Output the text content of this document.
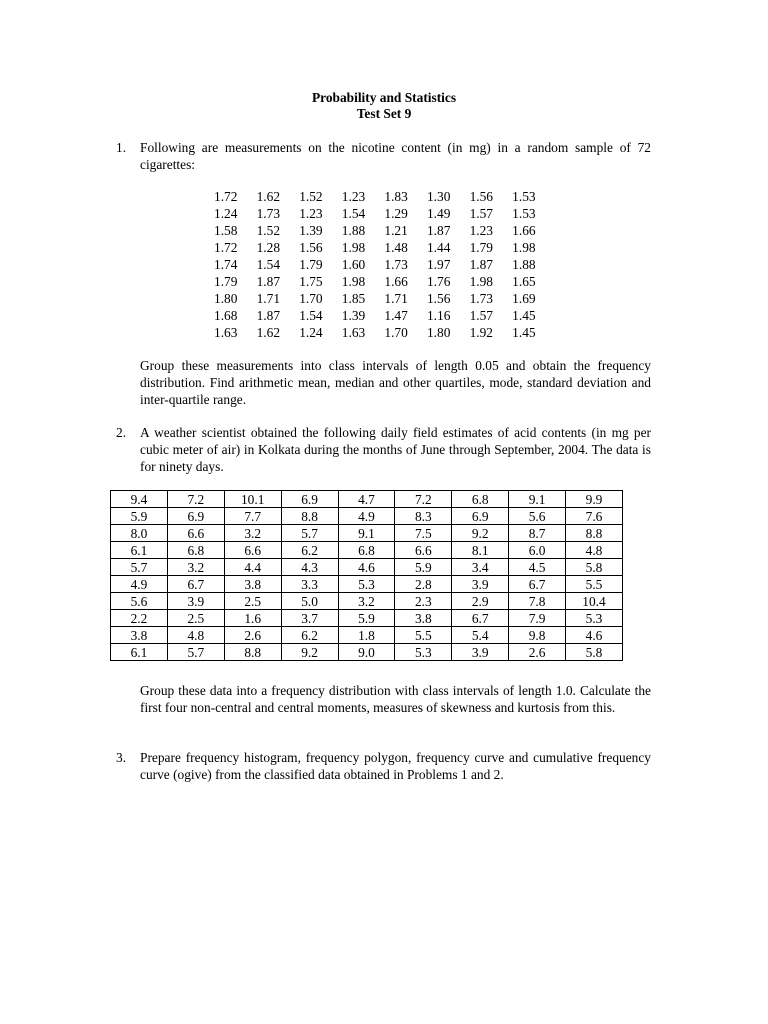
Probability and Statistics
Test Set 9
1.	Following are measurements on the nicotine content (in mg) in a random sample of 72 cigarettes:

1.72	1.62	1.52	1.23	1.83	1.30	1.56	1.53
1.24	1.73	1.23	1.54	1.29	1.49	1.57	1.53
1.58	1.52	1.39	1.88	1.21	1.87	1.23	1.66
1.72	1.28	1.56	1.98	1.48	1.44	1.79	1.98
1.74	1.54	1.79	1.60	1.73	1.97	1.87	1.88
1.79	1.87	1.75	1.98	1.66	1.76	1.98	1.65
1.80	1.71	1.70	1.85	1.71	1.56	1.73	1.69
1.68	1.87	1.54	1.39	1.47	1.16	1.57	1.45
1.63	1.62	1.24	1.63	1.70	1.80	1.92	1.45

Group these measurements into class intervals of length 0.05 and obtain the frequency distribution. Find arithmetic mean, median and other quartiles, mode, standard deviation and inter-quartile range.

2.	A weather scientist obtained the following daily field estimates of acid contents (in mg per cubic meter of air) in Kolkata during the months of June through September, 2004. The data is for ninety days.

9.4	7.2	10.1	6.9	4.7	7.2	6.8	9.1	9.9
5.9	6.9	7.7	8.8	4.9	8.3	6.9	5.6	7.6
8.0	6.6	3.2	5.7	9.1	7.5	9.2	8.7	8.8
6.1	6.8	6.6	6.2	6.8	6.6	8.1	6.0	4.8
5.7	3.2	4.4	4.3	4.6	5.9	3.4	4.5	5.8
4.9	6.7	3.8	3.3	5.3	2.8	3.9	6.7	5.5
5.6	3.9	2.5	5.0	3.2	2.3	2.9	7.8	10.4
2.2	2.5	1.6	3.7	5.9	3.8	6.7	7.9	5.3
3.8	4.8	2.6	6.2	1.8	5.5	5.4	9.8	4.6
6.1	5.7	8.8	9.2	9.0	5.3	3.9	2.6	5.8

Group these data into a frequency distribution with class intervals of length 1.0. Calculate the first four non-central and central moments, measures of skewness and kurtosis from this.

3.	Prepare frequency histogram, frequency polygon, frequency curve and cumulative frequency curve (ogive) from the classified data obtained in Problems 1 and 2.
